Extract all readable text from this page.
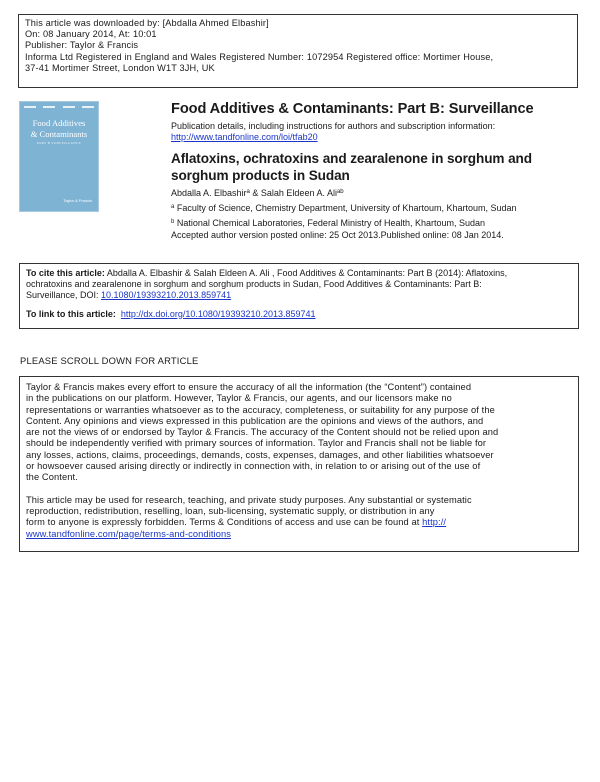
This article was downloaded by: [Abdalla Ahmed Elbashir]
On: 08 January 2014, At: 10:01
Publisher: Taylor & Francis
Informa Ltd Registered in England and Wales Registered Number: 1072954 Registered office: Mortimer House,
37-41 Mortimer Street, London W1T 3JH, UK
Food Additives
& Contaminants
PART B SURVEILLANCE
Taylor & Francis
Food Additives & Contaminants: Part B: Surveillance
Publication details, including instructions for authors and subscription information:
http://www.tandfonline.com/loi/tfab20
Aflatoxins, ochratoxins and zearalenone in sorghum and sorghum products in Sudan
Abdalla A. Elbashir$^a$ & Salah Eldeen A. Ali$^{ab}$
$^a$ Faculty of Science, Chemistry Department, University of Khartoum, Khartoum, Sudan
$^b$ National Chemical Laboratories, Federal Ministry of Health, Khartoum, Sudan
Accepted author version posted online: 25 Oct 2013.Published online: 08 Jan 2014.
To cite this article: Abdalla A. Elbashir & Salah Eldeen A. Ali , Food Additives & Contaminants: Part B (2014): Aflatoxins,
ochratoxins and zearalenone in sorghum and sorghum products in Sudan, Food Additives & Contaminants: Part B:
Surveillance, DOI: 10.1080/19393210.2013.859741
To link to this article: http://dx.doi.org/10.1080/19393210.2013.859741
PLEASE SCROLL DOWN FOR ARTICLE
Taylor & Francis makes every effort to ensure the accuracy of all the information (the “Content”) contained
in the publications on our platform. However, Taylor & Francis, our agents, and our licensors make no
representations or warranties whatsoever as to the accuracy, completeness, or suitability for any purpose of the
Content. Any opinions and views expressed in this publication are the opinions and views of the authors, and
are not the views of or endorsed by Taylor & Francis. The accuracy of the Content should not be relied upon and
should be independently verified with primary sources of information. Taylor and Francis shall not be liable for
any losses, actions, claims, proceedings, demands, costs, expenses, damages, and other liabilities whatsoever
or howsoever caused arising directly or indirectly in connection with, in relation to or arising out of the use of
the Content.
This article may be used for research, teaching, and private study purposes. Any substantial or systematic
reproduction, redistribution, reselling, loan, sub-licensing, systematic supply, or distribution in any
form to anyone is expressly forbidden. Terms & Conditions of access and use can be found at http://
www.tandfonline.com/page/terms-and-conditions
